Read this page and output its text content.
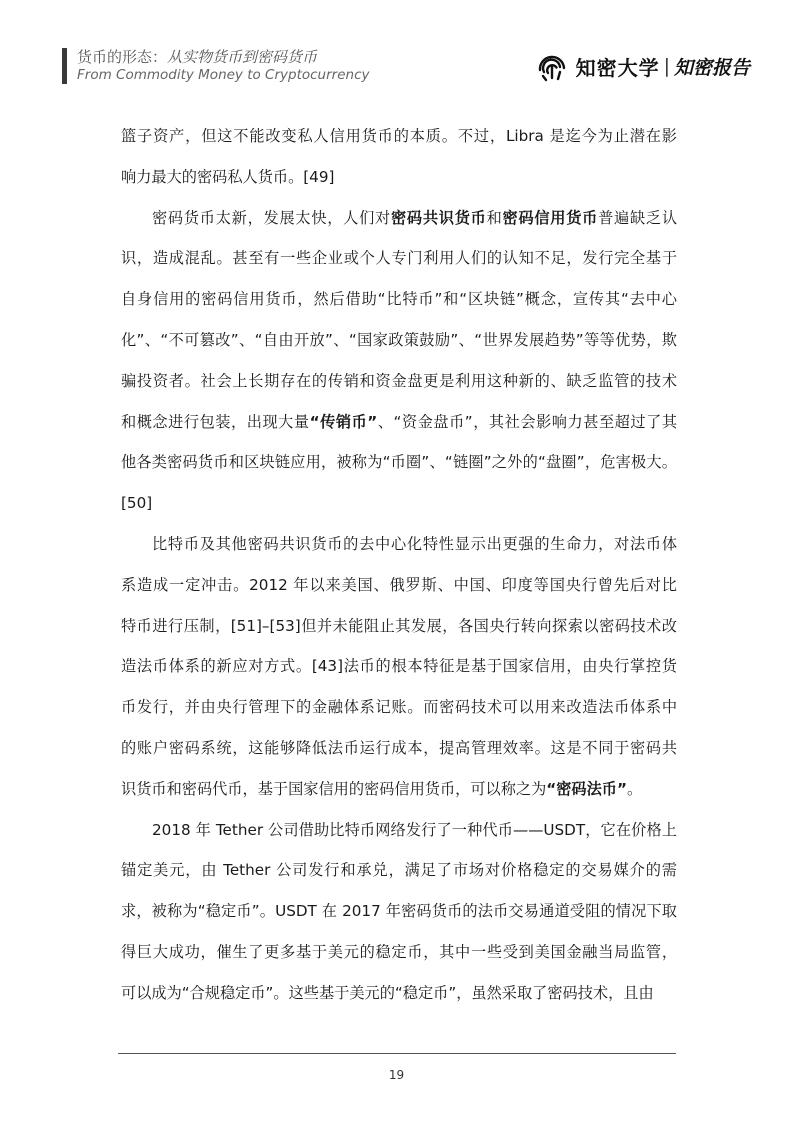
货币的形态：从实物货币到密码货币
From Commodity Money to Cryptocurrency	知密大学 | 知密报告
篮子资产，但这不能改变私人信用货币的本质。不过，Libra 是迄今为止潜在影
响力最大的密码私人货币。[49]
密码货币太新，发展太快，人们对密码共识货币和密码信用货币普遍缺乏认
识，造成混乱。甚至有一些企业或个人专门利用人们的认知不足，发行完全基于
自身信用的密码信用货币，然后借助“比特币”和“区块链”概念，宣传其“去中心
化”、“不可篡改”、“自由开放”、“国家政策鼓励”、“世界发展趋势”等等优势，欺
骗投资者。社会上长期存在的传销和资金盘更是利用这种新的、缺乏监管的技术
和概念进行包装，出现大量“传销币”、“资金盘币”，其社会影响力甚至超过了其
他各类密码货币和区块链应用，被称为“币圈”、“链圈”之外的“盘圈”，危害极大。
[50]
比特币及其他密码共识货币的去中心化特性显示出更强的生命力，对法币体
系造成一定冲击。2012 年以来美国、俄罗斯、中国、印度等国央行曾先后对比
特币进行压制，[51]–[53]但并未能阻止其发展，各国央行转向探索以密码技术改
造法币体系的新应对方式。[43]法币的根本特征是基于国家信用，由央行掌控货
币发行，并由央行管理下的金融体系记账。而密码技术可以用来改造法币体系中
的账户密码系统，这能够降低法币运行成本，提高管理效率。这是不同于密码共
识货币和密码代币，基于国家信用的密码信用货币，可以称之为“密码法币”。
2018 年 Tether 公司借助比特币网络发行了一种代币——USDT，它在价格上
锚定美元，由 Tether 公司发行和承兑，满足了市场对价格稳定的交易媒介的需
求，被称为“稳定币”。USDT 在 2017 年密码货币的法币交易通道受阻的情况下取
得巨大成功，催生了更多基于美元的稳定币，其中一些受到美国金融当局监管，
可以成为“合规稳定币”。这些基于美元的“稳定币”，虽然采取了密码技术，且由
19
